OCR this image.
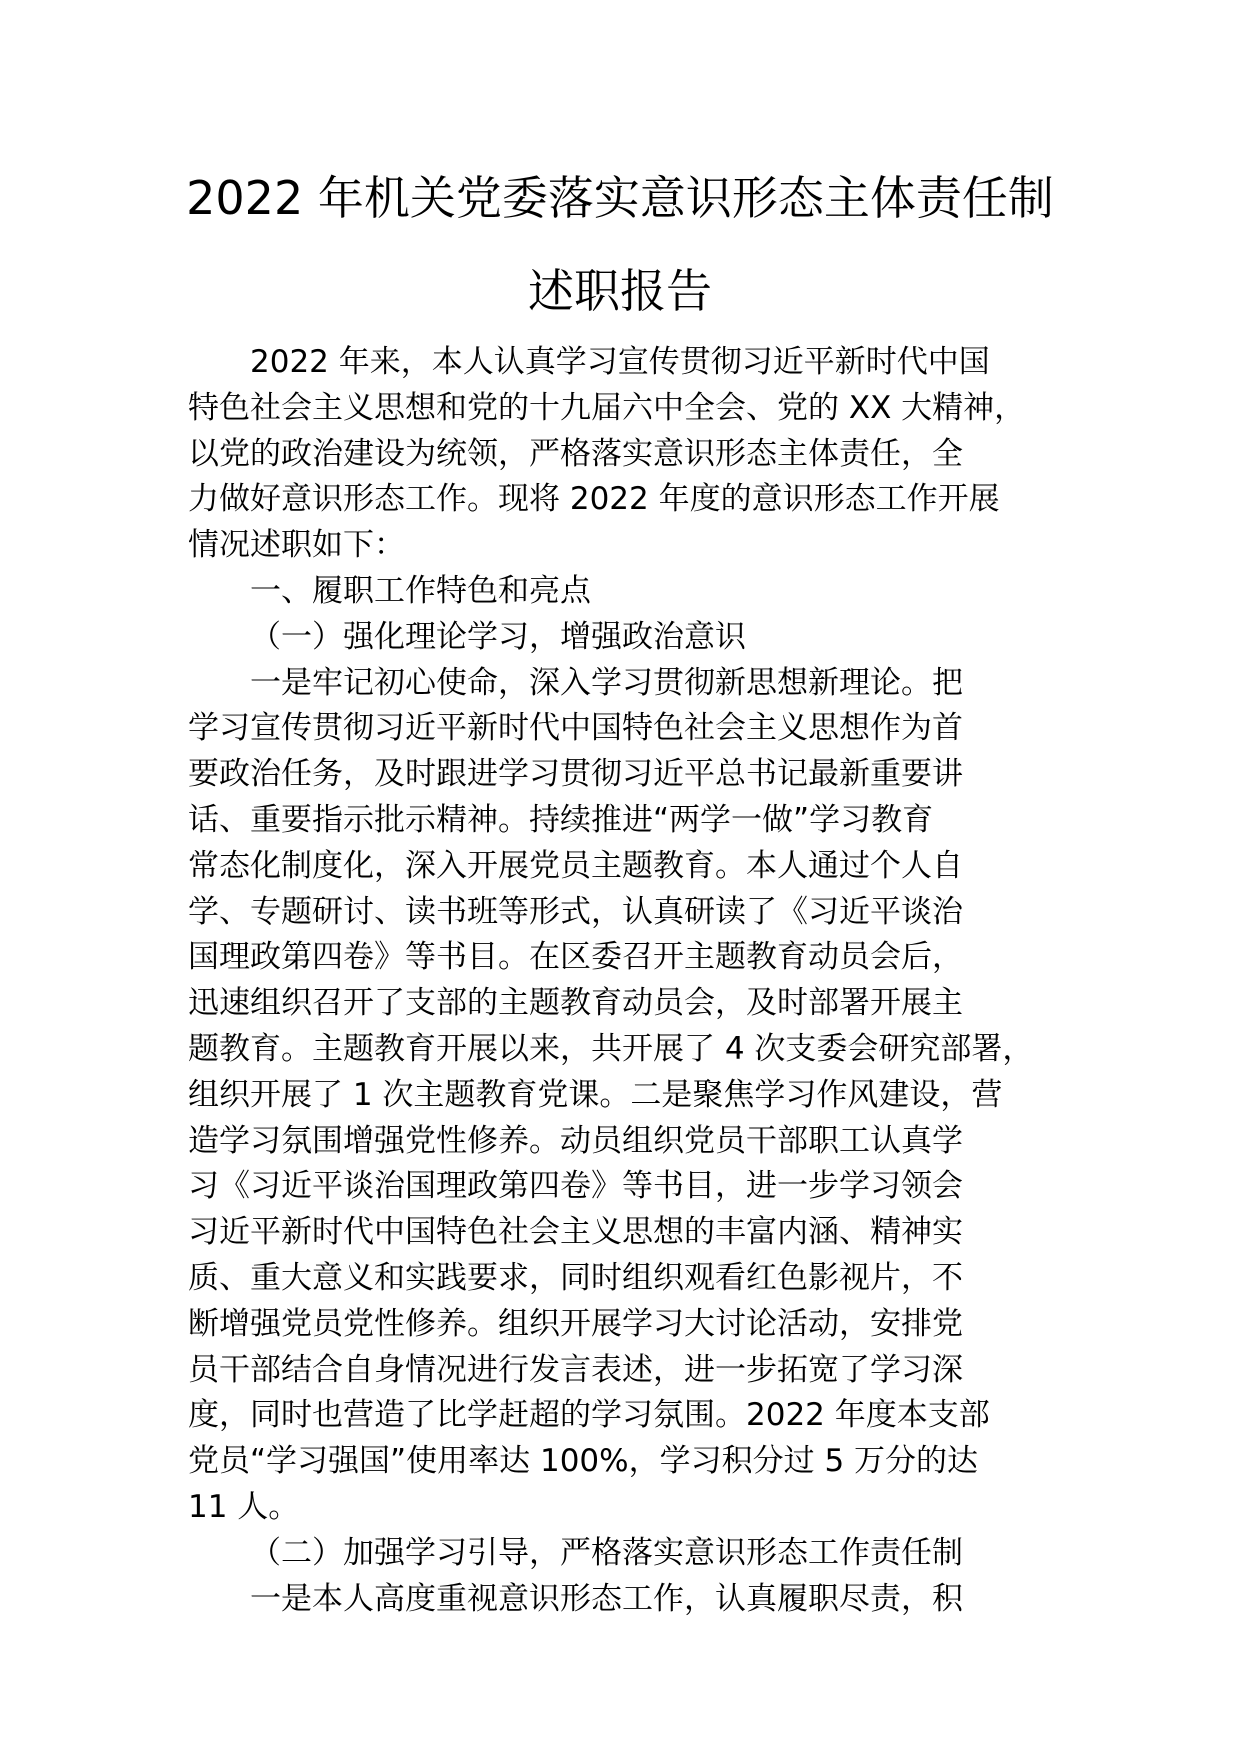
2022 年机关党委落实意识形态主体责任制
述职报告
2022 年来，本人认真学习宣传贯彻习近平新时代中国
特色社会主义思想和党的十九届六中全会、党的 XX 大精神，
以党的政治建设为统领，严格落实意识形态主体责任，全
力做好意识形态工作。现将 2022 年度的意识形态工作开展
情况述职如下：
一、履职工作特色和亮点
（一）强化理论学习，增强政治意识
一是牢记初心使命，深入学习贯彻新思想新理论。把
学习宣传贯彻习近平新时代中国特色社会主义思想作为首
要政治任务，及时跟进学习贯彻习近平总书记最新重要讲
话、重要指示批示精神。持续推进“两学一做”学习教育
常态化制度化，深入开展党员主题教育。本人通过个人自
学、专题研讨、读书班等形式，认真研读了《习近平谈治
国理政第四卷》等书目。在区委召开主题教育动员会后，
迅速组织召开了支部的主题教育动员会，及时部署开展主
题教育。主题教育开展以来，共开展了 4 次支委会研究部署，
组织开展了 1 次主题教育党课。二是聚焦学习作风建设，营
造学习氛围增强党性修养。动员组织党员干部职工认真学
习《习近平谈治国理政第四卷》等书目，进一步学习领会
习近平新时代中国特色社会主义思想的丰富内涵、精神实
质、重大意义和实践要求，同时组织观看红色影视片，不
断增强党员党性修养。组织开展学习大讨论活动，安排党
员干部结合自身情况进行发言表述，进一步拓宽了学习深
度，同时也营造了比学赶超的学习氛围。2022 年度本支部
党员“学习强国”使用率达 100%，学习积分过 5 万分的达
11 人。
（二）加强学习引导，严格落实意识形态工作责任制
一是本人高度重视意识形态工作，认真履职尽责，积
